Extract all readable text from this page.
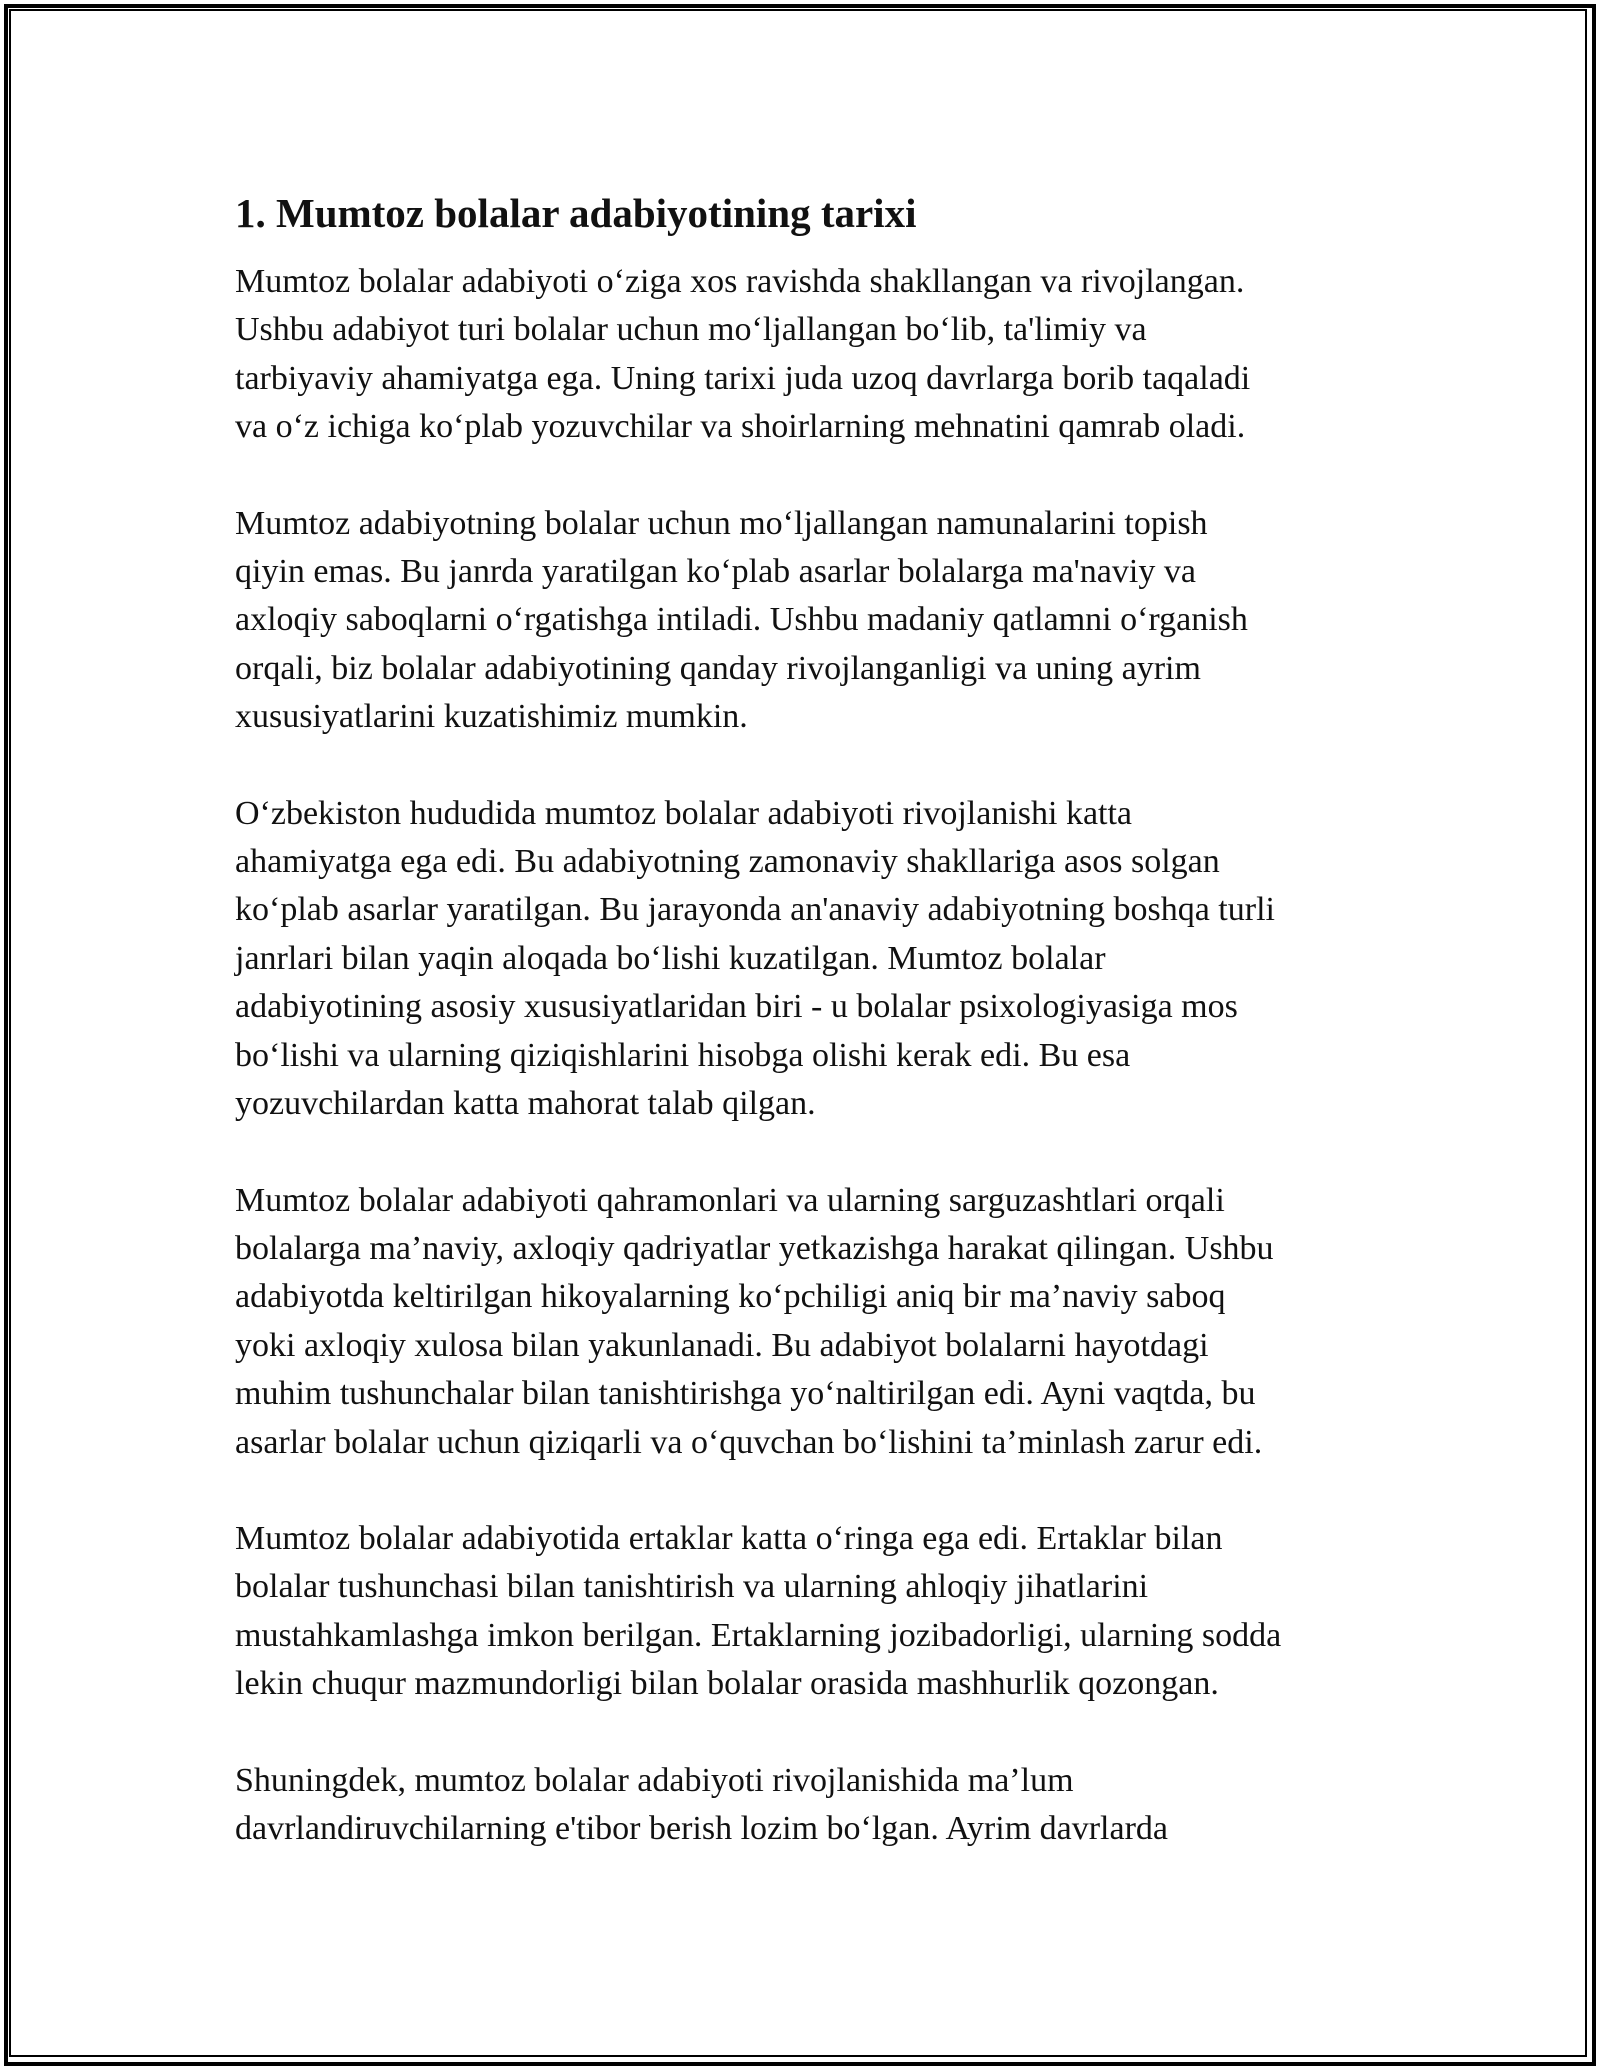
1. Mumtoz bolalar adabiyotining tarixi

Mumtoz bolalar adabiyoti o‘ziga xos ravishda shakllangan va rivojlangan.
Ushbu adabiyot turi bolalar uchun mo‘ljallangan bo‘lib, ta'limiy va
tarbiyaviy ahamiyatga ega. Uning tarixi juda uzoq davrlarga borib taqaladi
va o‘z ichiga ko‘plab yozuvchilar va shoirlarning mehnatini qamrab oladi.

Mumtoz adabiyotning bolalar uchun mo‘ljallangan namunalarini topish
qiyin emas. Bu janrda yaratilgan ko‘plab asarlar bolalarga ma'naviy va
axloqiy saboqlarni o‘rgatishga intiladi. Ushbu madaniy qatlamni o‘rganish
orqali, biz bolalar adabiyotining qanday rivojlanganligi va uning ayrim
xususiyatlarini kuzatishimiz mumkin.

O‘zbekiston hududida mumtoz bolalar adabiyoti rivojlanishi katta
ahamiyatga ega edi. Bu adabiyotning zamonaviy shakllariga asos solgan
ko‘plab asarlar yaratilgan. Bu jarayonda an'anaviy adabiyotning boshqa turli
janrlari bilan yaqin aloqada bo‘lishi kuzatilgan. Mumtoz bolalar
adabiyotining asosiy xususiyatlaridan biri - u bolalar psixologiyasiga mos
bo‘lishi va ularning qiziqishlarini hisobga olishi kerak edi. Bu esa
yozuvchilardan katta mahorat talab qilgan.

Mumtoz bolalar adabiyoti qahramonlari va ularning sarguzashtlari orqali
bolalarga ma’naviy, axloqiy qadriyatlar yetkazishga harakat qilingan. Ushbu
adabiyotda keltirilgan hikoyalarning ko‘pchiligi aniq bir ma’naviy saboq
yoki axloqiy xulosa bilan yakunlanadi. Bu adabiyot bolalarni hayotdagi
muhim tushunchalar bilan tanishtirishga yo‘naltirilgan edi. Ayni vaqtda, bu
asarlar bolalar uchun qiziqarli va o‘quvchan bo‘lishini ta’minlash zarur edi.

Mumtoz bolalar adabiyotida ertaklar katta o‘ringa ega edi. Ertaklar bilan
bolalar tushunchasi bilan tanishtirish va ularning ahloqiy jihatlarini
mustahkamlashga imkon berilgan. Ertaklarning jozibadorligi, ularning sodda
lekin chuqur mazmundorligi bilan bolalar orasida mashhurlik qozongan.

Shuningdek, mumtoz bolalar adabiyoti rivojlanishida ma’lum
davrlandiruvchilarning e'tibor berish lozim bo‘lgan. Ayrim davrlarda
